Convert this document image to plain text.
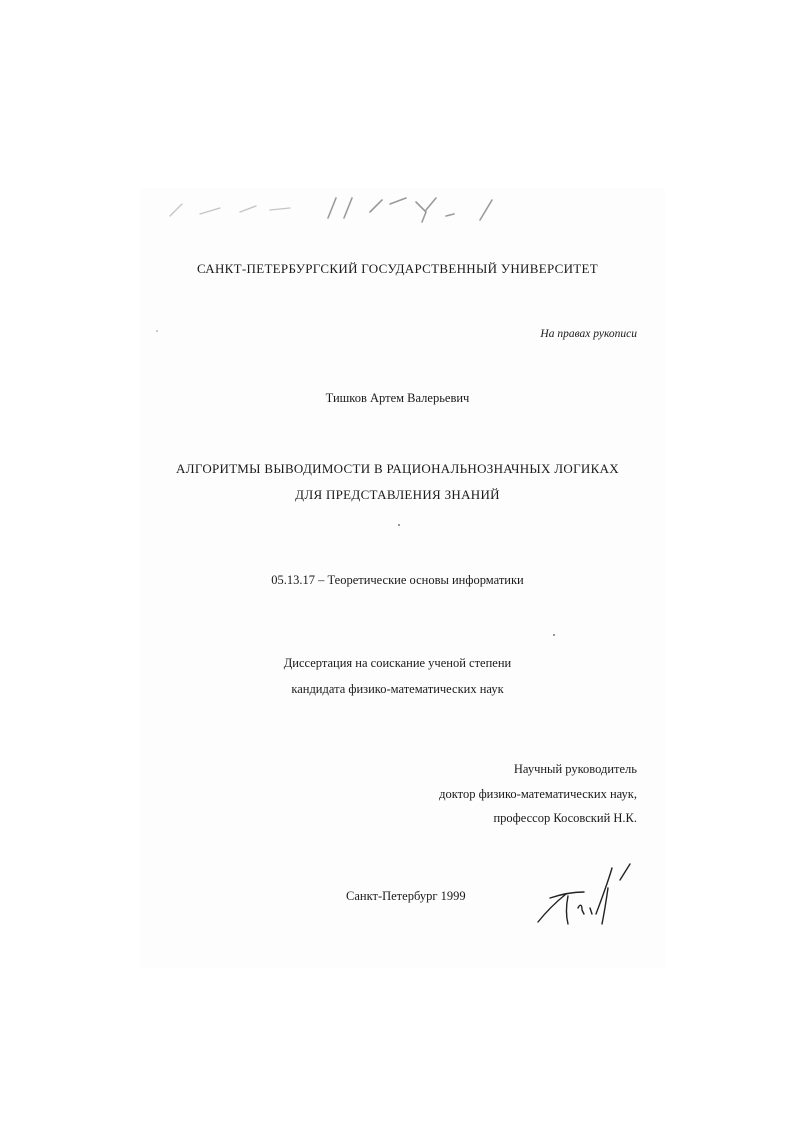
САНКТ-ПЕТЕРБУРГСКИЙ ГОСУДАРСТВЕННЫЙ УНИВЕРСИТЕТ
На правах рукописи
Тишков Артем Валерьевич
АЛГОРИТМЫ ВЫВОДИМОСТИ В РАЦИОНАЛЬНОЗНАЧНЫХ ЛОГИКАХ
ДЛЯ ПРЕДСТАВЛЕНИЯ ЗНАНИЙ
05.13.17 – Теоретические основы информатики
Диссертация на соискание ученой степени
кандидата физико-математических наук
Научный руководитель
доктор физико-математических наук,
профессор Косовский Н.К.
Санкт-Петербург 1999
